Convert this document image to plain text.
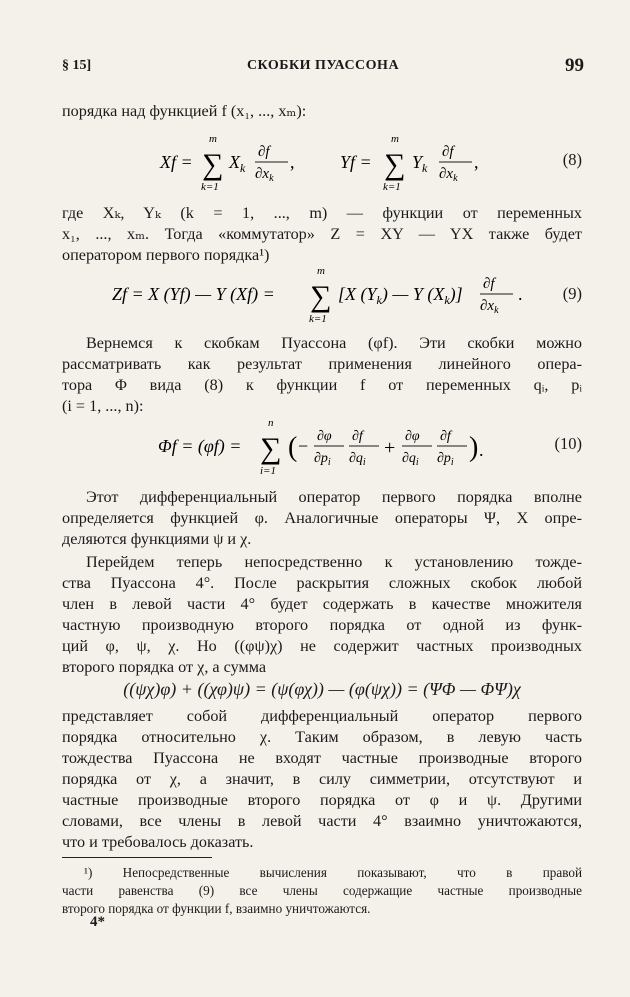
§ 15]	СКОБКИ ПУАССОНА	99
порядка над функцией f (x₁, ..., xₘ):
Xf = ∑
m
k=1
$X_k$
∂f
$\partial x_k$
,	Yf = ∑
m
k=1
$Y_k$
∂f
$\partial x_k$
,	(8)
где Xₖ, Yₖ (k = 1, ..., m) — функции от переменных
x₁, ..., xₘ. Тогда «коммутатор» Z = XY — YX также будет
оператором первого порядка¹)
Zf = X (Yf) — Y (Xf) = ∑
m
k=1
[X $(Y_k)$ — Y $(X_k)$] ∂f
$\partial x_k$
. (9)
Вернемся к скобкам Пуассона (φf). Эти скобки можно
рассматривать как результат применения линейного опера-
тора Φ вида (8) к функции f от переменных qᵢ, pᵢ
(i = 1, ..., n):
Φf = (φf) = ∑
n
i=1
( − ∂φ
$\partial p_i$
∂f
$\partial q_i$
+
∂φ
$\partial q_i$
∂f
$\partial p_i$ ) .	(10)
Этот дифференциальный оператор первого порядка вполне
определяется функцией φ. Аналогичные операторы Ψ, X опре-
деляются функциями ψ и χ.
Перейдем теперь непосредственно к установлению тожде-
ства Пуассона 4°. После раскрытия сложных скобок любой
член в левой части 4° будет содержать в качестве множителя
частную производную второго порядка от одной из функ-
ций φ, ψ, χ. Но ((φψ)χ) не содержит частных производных
второго порядка от χ, а сумма
((ψχ)φ) + ((χφ)ψ) = (ψ(φχ)) — (φ(ψχ)) = (ΨΦ — ΦΨ)χ
представляет собой дифференциальный оператор первого
порядка относительно χ. Таким образом, в левую часть
тождества Пуассона не входят частные производные второго
порядка от χ, а значит, в силу симметрии, отсутствуют и
частные производные второго порядка от φ и ψ. Другими
словами, все члены в левой части 4° взаимно уничтожаются,
что и требовалось доказать.
¹) Непосредственные вычисления показывают, что в правой
части равенства (9) все члены содержащие частные производные
второго порядка от функции f, взаимно уничтожаются.
4*
